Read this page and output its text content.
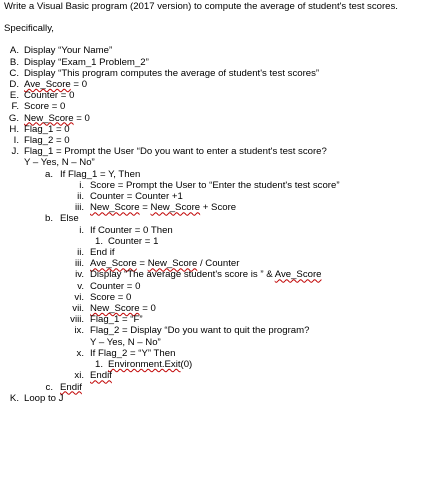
Write a Visual Basic program (2017 version) to compute the average of student's test scores.
Specifically,
A. Display “Your Name”
B. Display “Exam_1 Problem_2”
C. Display “This program computes the average of student's test scores”
D. Ave_Score = 0
E. Counter = 0
F. Score = 0
G. New_Score = 0
H. Flag_1 = 0
I. Flag_2 = 0
J. Flag_1 = Prompt the User “Do you want to enter a student's test score?
Y – Yes, N – No”
a. If Flag_1 = Y, Then
i. Score = Prompt the User to “Enter the student's test score”
ii. Counter = Counter +1
iii. New_Score = New_Score + Score
b. Else
i. If Counter = 0 Then
1. Counter = 1
ii. End if
iii. Ave_Score = New_Score / Counter
iv. Display “The average student's score is ” & Ave_Score
v. Counter = 0
vi. Score = 0
vii. New_Score = 0
viii. Flag_1 = “F”
ix. Flag_2 = Display “Do you want to quit the program?
Y – Yes, N – No”
x. If Flag_2 = “Y” Then
1. Environment.Exit(0)
xi. Endif
c. Endif
K. Loop to J
